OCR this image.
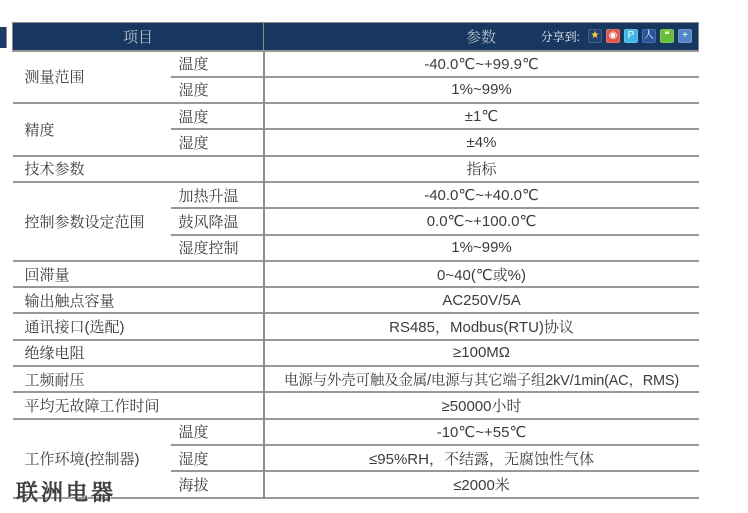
项目	参数	分享到: ★ ◉	P 人	❝	+

测量范围	温度	-40.0℃~+99.9℃
	湿度	1%~99%
精度	温度	±1℃
	湿度	±4%
技术参数		指标
控制参数设定范围	加热升温	-40.0℃~+40.0℃
	鼓风降温	0.0℃~+100.0℃
	湿度控制	1%~99%
回滞量		0~40(℃或%)
输出触点容量		AC250V/5A
通讯接口(选配)		RS485，Modbus(RTU)协议
绝缘电阻		≥100MΩ
工频耐压		电源与外壳可触及金属/电源与其它端子组2kV/1min(AC，RMS)
平均无故障工作时间		≥50000小时
工作环境(控制器)	温度	-10℃~+55℃
	湿度	≤95%RH，不结露，无腐蚀性气体
	海拔	≤2000米
联洲电器
